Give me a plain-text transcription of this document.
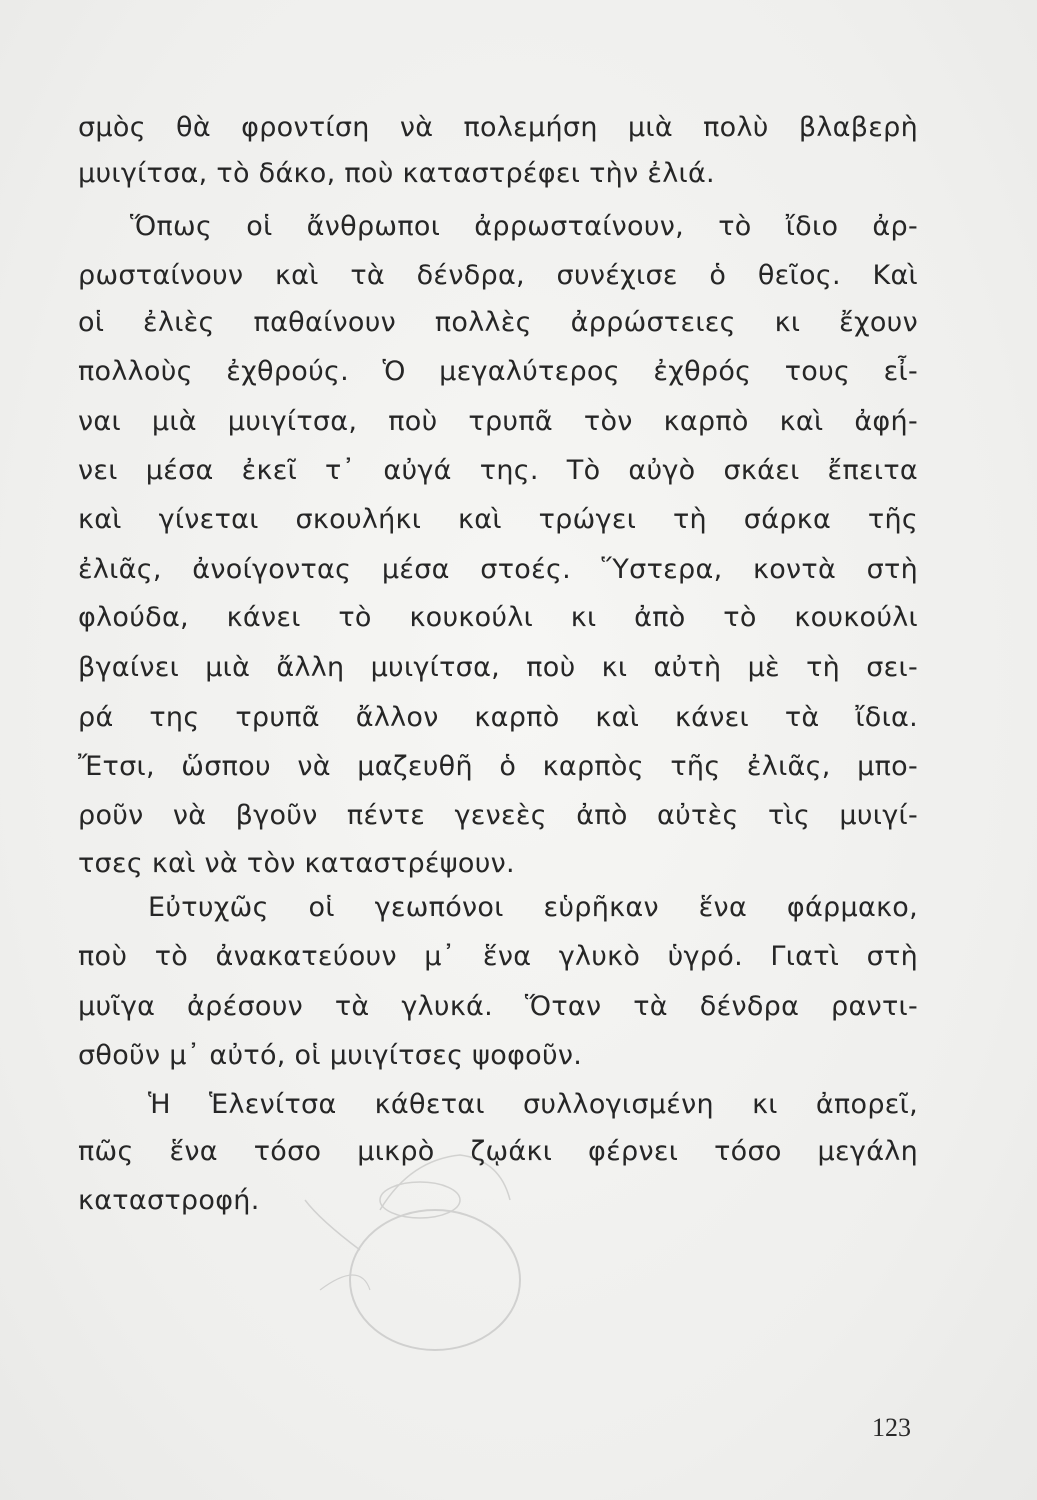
σμὸς θὰ φροντίση νὰ πολεμήση μιὰ πολὺ βλαβερὴ
μυιγίτσα, τὸ δάκο, ποὺ καταστρέφει τὴν ἐλιά.
Ὅπως οἱ ἄνθρωποι ἀρρωσταίνουν, τὸ ἴδιο ἀρ-
ρωσταίνουν καὶ τὰ δένδρα, συνέχισε ὁ θεῖος. Καὶ
οἱ ἐλιὲς παθαίνουν πολλὲς ἀρρώστειες κι ἔχουν
πολλοὺς ἐχθρούς. Ὁ μεγαλύτερος ἐχθρός τους εἶ-
ναι μιὰ μυιγίτσα, ποὺ τρυπᾶ τὸν καρπὸ καὶ ἀφή-
νει μέσα ἐκεῖ τ᾽ αὐγά της. Τὸ αὐγὸ σκάει ἔπειτα
καὶ γίνεται σκουλήκι καὶ τρώγει τὴ σάρκα τῆς
ἐλιᾶς, ἀνοίγοντας μέσα στοές. Ὕστερα, κοντὰ στὴ
φλούδα, κάνει τὸ κουκούλι κι ἀπὸ τὸ κουκούλι
βγαίνει μιὰ ἄλλη μυιγίτσα, ποὺ κι αὐτὴ μὲ τὴ σει-
ρά της τρυπᾶ ἄλλον καρπὸ καὶ κάνει τὰ ἴδια.
Ἔτσι, ὥσπου νὰ μαζευθῆ ὁ καρπὸς τῆς ἐλιᾶς, μπο-
ροῦν νὰ βγοῦν πέντε γενεὲς ἀπὸ αὐτὲς τὶς μυιγί-
τσες καὶ νὰ τὸν καταστρέψουν.
Εὐτυχῶς οἱ γεωπόνοι εὑρῆκαν ἕνα φάρμακο,
ποὺ τὸ ἀνακατεύουν μ᾽ ἕνα γλυκὸ ὑγρό. Γιατὶ στὴ
μυῖγα ἀρέσουν τὰ γλυκά. Ὅταν τὰ δένδρα ραντι-
σθοῦν μ᾽ αὐτό, οἱ μυιγίτσες ψοφοῦν.
Ἡ Ἑλενίτσα κάθεται συλλογισμένη κι ἀπορεῖ,
πῶς ἕνα τόσο μικρὸ ζῳάκι φέρνει τόσο μεγάλη
καταστροφή.
123
